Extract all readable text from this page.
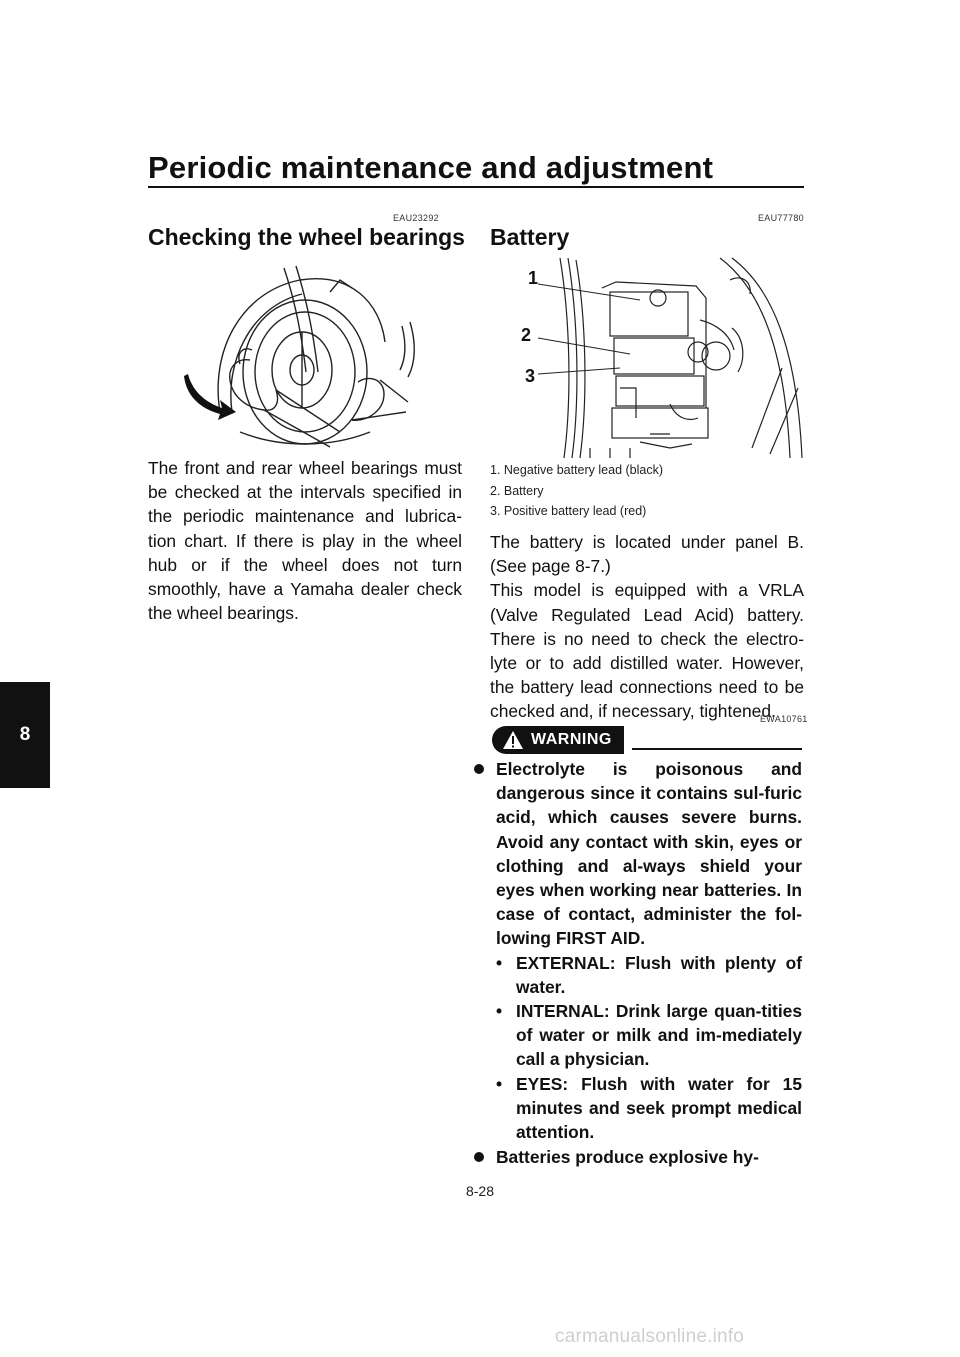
Periodic maintenance and adjustment
8
EAU23292
Checking the wheel bearings
The front and rear wheel bearings must be checked at the intervals specified in the periodic maintenance and lubrica-tion chart. If there is play in the wheel hub or if the wheel does not turn smoothly, have a Yamaha dealer check the wheel bearings.
EAU77780
Battery
1
2
3
1. Negative battery lead (black)
2. Battery
3. Positive battery lead (red)
The battery is located under panel B. (See page 8-7.)
This model is equipped with a VRLA (Valve Regulated Lead Acid) battery. There is no need to check the electro-lyte or to add distilled water. However, the battery lead connections need to be checked and, if necessary, tightened.
EWA10761
WARNING
Electrolyte is poisonous and dangerous since it contains sul-furic acid, which causes severe burns. Avoid any contact with skin, eyes or clothing and al-ways shield your eyes when working near batteries. In case of contact, administer the fol-lowing FIRST AID.
• EXTERNAL: Flush with plenty of water.
• INTERNAL: Drink large quan-tities of water or milk and im-mediately call a physician.
• EYES: Flush with water for 15 minutes and seek prompt medical attention.
Batteries produce explosive hy-
8-28
carmanualsonline.info
